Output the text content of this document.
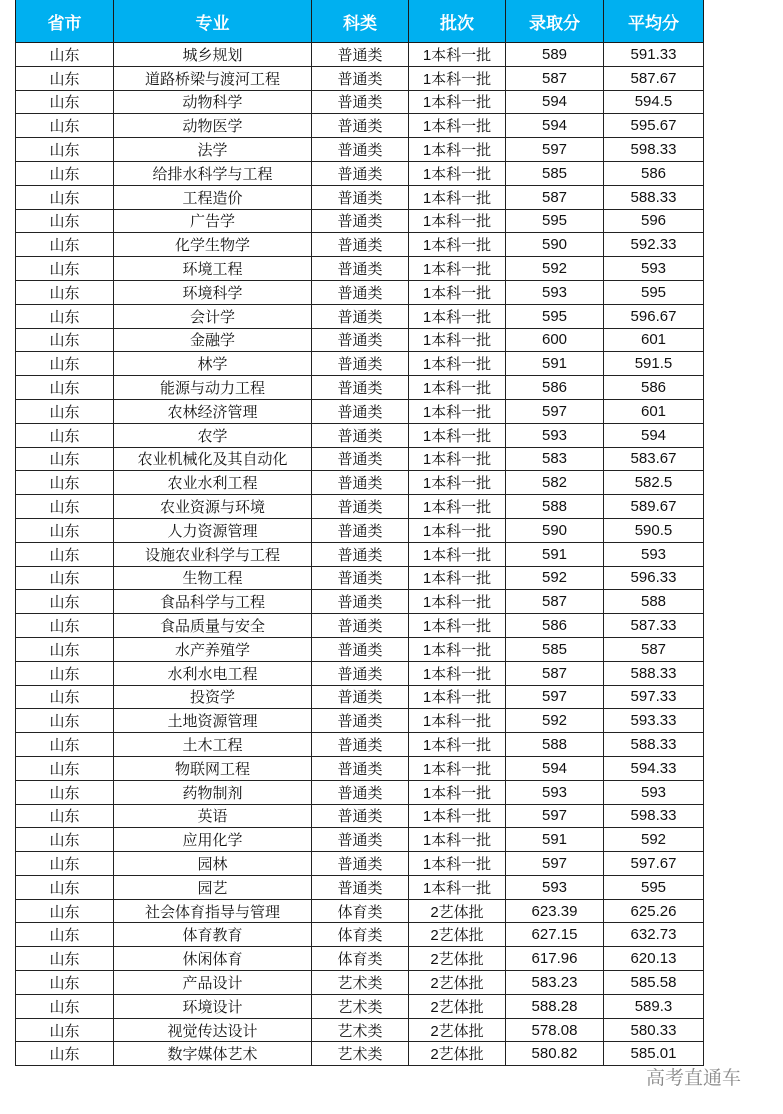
省市	专业	科类	批次	录取分	平均分
山东	城乡规划	普通类	1本科一批	589	591.33
山东	道路桥梁与渡河工程	普通类	1本科一批	587	587.67
山东	动物科学	普通类	1本科一批	594	594.5
山东	动物医学	普通类	1本科一批	594	595.67
山东	法学	普通类	1本科一批	597	598.33
山东	给排水科学与工程	普通类	1本科一批	585	586
山东	工程造价	普通类	1本科一批	587	588.33
山东	广告学	普通类	1本科一批	595	596
山东	化学生物学	普通类	1本科一批	590	592.33
山东	环境工程	普通类	1本科一批	592	593
山东	环境科学	普通类	1本科一批	593	595
山东	会计学	普通类	1本科一批	595	596.67
山东	金融学	普通类	1本科一批	600	601
山东	林学	普通类	1本科一批	591	591.5
山东	能源与动力工程	普通类	1本科一批	586	586
山东	农林经济管理	普通类	1本科一批	597	601
山东	农学	普通类	1本科一批	593	594
山东	农业机械化及其自动化	普通类	1本科一批	583	583.67
山东	农业水利工程	普通类	1本科一批	582	582.5
山东	农业资源与环境	普通类	1本科一批	588	589.67
山东	人力资源管理	普通类	1本科一批	590	590.5
山东	设施农业科学与工程	普通类	1本科一批	591	593
山东	生物工程	普通类	1本科一批	592	596.33
山东	食品科学与工程	普通类	1本科一批	587	588
山东	食品质量与安全	普通类	1本科一批	586	587.33
山东	水产养殖学	普通类	1本科一批	585	587
山东	水利水电工程	普通类	1本科一批	587	588.33
山东	投资学	普通类	1本科一批	597	597.33
山东	土地资源管理	普通类	1本科一批	592	593.33
山东	土木工程	普通类	1本科一批	588	588.33
山东	物联网工程	普通类	1本科一批	594	594.33
山东	药物制剂	普通类	1本科一批	593	593
山东	英语	普通类	1本科一批	597	598.33
山东	应用化学	普通类	1本科一批	591	592
山东	园林	普通类	1本科一批	597	597.67
山东	园艺	普通类	1本科一批	593	595
山东	社会体育指导与管理	体育类	2艺体批	623.39	625.26
山东	体育教育	体育类	2艺体批	627.15	632.73
山东	休闲体育	体育类	2艺体批	617.96	620.13
山东	产品设计	艺术类	2艺体批	583.23	585.58
山东	环境设计	艺术类	2艺体批	588.28	589.3
山东	视觉传达设计	艺术类	2艺体批	578.08	580.33
山东	数字媒体艺术	艺术类	2艺体批	580.82	585.01
高考直通车
